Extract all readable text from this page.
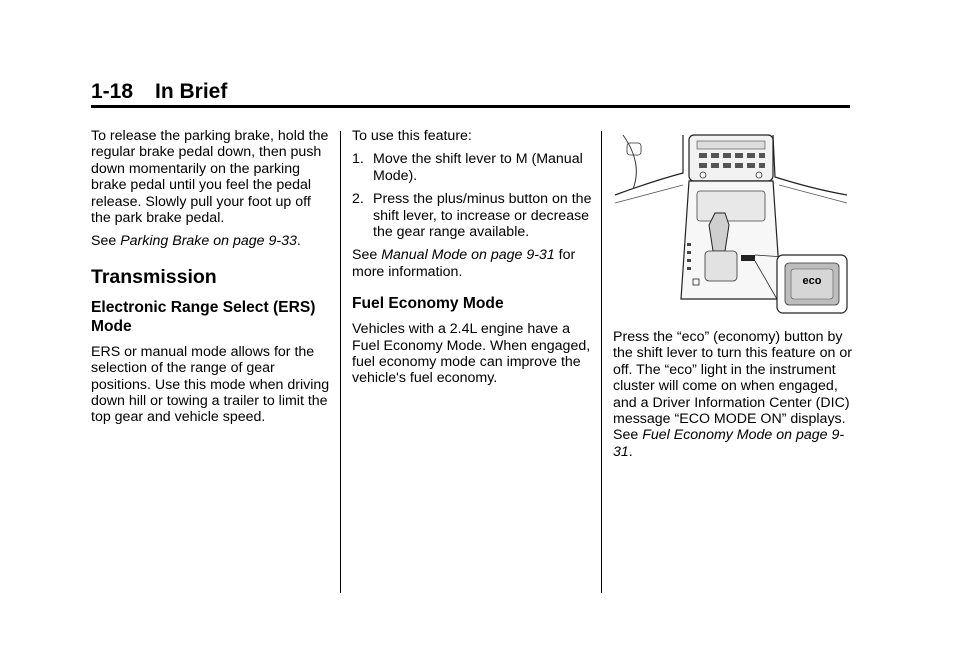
1-18 In Brief

To release the parking brake, hold the regular brake pedal down, then push down momentarily on the parking brake pedal until you feel the pedal release. Slowly pull your foot up off the park brake pedal.

See Parking Brake on page 9-33.

Transmission
Electronic Range Select (ERS) Mode

ERS or manual mode allows for the selection of the range of gear positions. Use this mode when driving down hill or towing a trailer to limit the top gear and vehicle speed.

To use this feature:

1. Move the shift lever to M (Manual Mode).
2. Press the plus/minus button on the shift lever, to increase or decrease the gear range available.

See Manual Mode on page 9-31 for more information.

Fuel Economy Mode

Vehicles with a 2.4L engine have a Fuel Economy Mode. When engaged, fuel economy mode can improve the vehicle's fuel economy.

eco

Press the “eco” (economy) button by the shift lever to turn this feature on or off. The “eco” light in the instrument cluster will come on when engaged, and a Driver Information Center (DIC) message “ECO MODE ON” displays. See Fuel Economy Mode on page 9-31.
